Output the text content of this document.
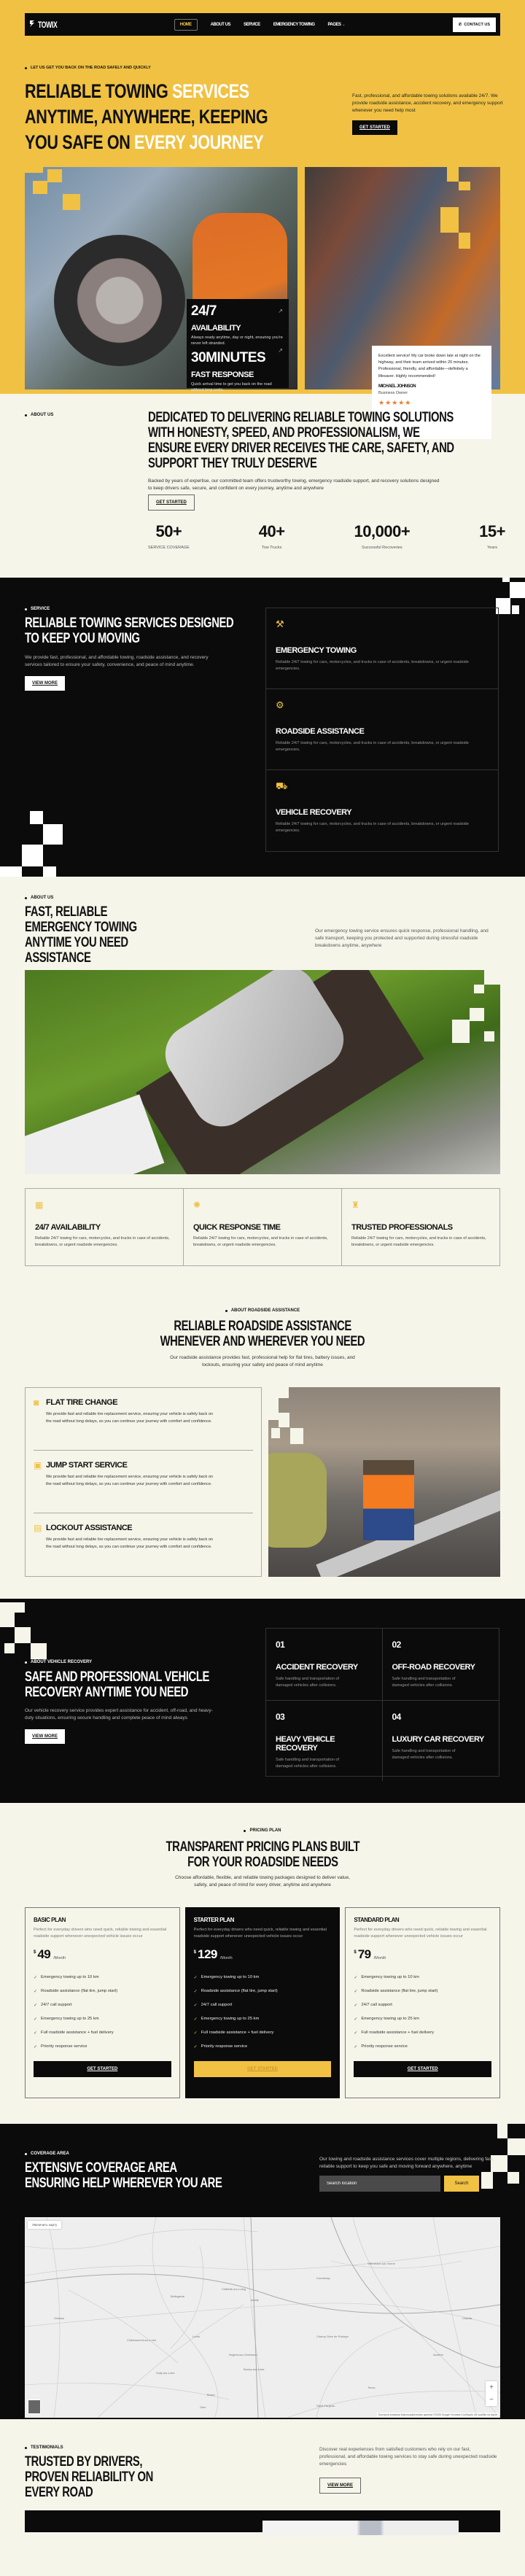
TOWIX	HOME	ABOUT US	SERVICE	EMERGENCY TOWING	PAGES ⌄	✆ CONTACT US
LET US GET YOU BACK ON THE ROAD SAFELY AND QUICKLY
RELIABLE TOWING SERVICES
ANYTIME, ANYWHERE, KEEPING
YOU SAFE ON EVERY JOURNEY

Fast, professional, and affordable towing solutions available 24/7. We provide roadside assistance, accident recovery, and emergency support whenever you need help most

GET STARTED
↗
24/7
AVAILABILITY
Always ready anytime, day or night, ensuring you're never left stranded.
↗
30MINUTES
FAST RESPONSE
Quick arrival time to get you back on the road without long waits.

Excellent service! My car broke down late at night on the highway, and their team arrived within 20 minutes. Professional, friendly, and affordable—definitely a lifesaver. Highly recommended!

MICHAEL JOHNSON
Business Owner
★★★★★
ABOUT US	DEDICATED TO DELIVERING RELIABLE TOWING SOLUTIONS WITH HONESTY, SPEED, AND PROFESSIONALISM, WE ENSURE EVERY DRIVER RECEIVES THE CARE, SAFETY, AND SUPPORT THEY TRULY DESERVE

Backed by years of expertise, our committed team offers trustworthy towing, emergency roadside support, and recovery solutions designed to keep drivers safe, secure, and confident on every journey, anytime and anywhere

GET STARTED
50+
SERVICE COVERAGE
40+
Tow Trucks
10,000+
Successful Recoveries
15+
Years
SERVICE
RELIABLE TOWING SERVICES DESIGNED TO KEEP YOU MOVING

We provide fast, professional, and affordable towing, roadside assistance, and recovery services tailored to ensure your safety, convenience, and peace of mind anytime.

VIEW MORE
⚒
EMERGENCY TOWING
Reliable 24/7 towing for cars, motorcycles, and trucks in case of accidents, breakdowns, or urgent roadside emergencies.
⚙
ROADSIDE ASSISTANCE
Reliable 24/7 towing for cars, motorcycles, and trucks in case of accidents, breakdowns, or urgent roadside emergencies.
⛟
VEHICLE RECOVERY
Reliable 24/7 towing for cars, motorcycles, and trucks in case of accidents, breakdowns, or urgent roadside emergencies.
ABOUT US
FAST, RELIABLE EMERGENCY TOWING ANYTIME YOU NEED ASSISTANCE

Our emergency towing service ensures quick response, professional handling, and safe transport, keeping you protected and supported during stressful roadside breakdowns anytime, anywhere

▦
24/7 AVAILABILITY
Reliable 24/7 towing for cars, motorcycles, and trucks in case of accidents, breakdowns, or urgent roadside emergencies.
✺
QUICK RESPONSE TIME
Reliable 24/7 towing for cars, motorcycles, and trucks in case of accidents, breakdowns, or urgent roadside emergencies.
♜
TRUSTED PROFESSIONALS
Reliable 24/7 towing for cars, motorcycles, and trucks in case of accidents, breakdowns, or urgent roadside emergencies.
ABOUT ROADSIDE ASSISTANCE
RELIABLE ROADSIDE ASSISTANCE
WHENEVER AND WHEREVER YOU NEED

Our roadside assistance provides fast, professional help for flat tires, battery issues, and lockouts, ensuring your safety and peace of mind anytime

◙ FLAT TIRE CHANGE
We provide fast and reliable tire replacement service, ensuring your vehicle is safely back on the road without long delays, so you can continue your journey with comfort and confidence.
▣ JUMP START SERVICE
We provide fast and reliable tire replacement service, ensuring your vehicle is safely back on the road without long delays, so you can continue your journey with comfort and confidence.
▤ LOCKOUT ASSISTANCE
We provide fast and reliable tire replacement service, ensuring your vehicle is safely back on the road without long delays, so you can continue your journey with comfort and confidence.
ABOUT VEHICLE RECOVERY
SAFE AND PROFESSIONAL VEHICLE RECOVERY ANYTIME YOU NEED

Our vehicle recovery service provides expert assistance for accident, off-road, and heavy-duty situations, ensuring secure handling and complete peace of mind always

VIEW MORE
01
ACCIDENT RECOVERY
Safe handling and transportation of damaged vehicles after collisions.
02
OFF-ROAD RECOVERY
Safe handling and transportation of damaged vehicles after collisions.
03
HEAVY VEHICLE RECOVERY
Safe handling and transportation of damaged vehicles after collisions.
04
LUXURY CAR RECOVERY
Safe handling and transportation of damaged vehicles after collisions.
PRICING PLAN
TRANSPARENT PRICING PLANS BUILT
FOR YOUR ROADSIDE NEEDS

Choose affordable, flexible, and reliable towing packages designed to deliver value, safety, and peace of mind for every driver, anytime and anywhere

BASIC PLAN
Perfect for everyday drivers who need quick, reliable towing and essential roadside support whenever unexpected vehicle issues occur
$ 49 /Month
✓ Emergency towing up to 10 km
✓ Roadside assistance (flat tire, jump start)
✓ 24/7 call support
✓ Emergency towing up to 25 km
✓ Full roadside assistance + fuel delivery
✓ Priority response service
GET STARTED
STARTER PLAN
Perfect for everyday drivers who need quick, reliable towing and essential roadside support whenever unexpected vehicle issues occur
$ 129 /Month
✓ Emergency towing up to 10 km
✓ Roadside assistance (flat tire, jump start)
✓ 24/7 call support
✓ Emergency towing up to 25 km
✓ Full roadside assistance + fuel delivery
✓ Priority response service
GET STARTED
STANDARD PLAN
Perfect for everyday drivers who need quick, reliable towing and essential roadside support whenever unexpected vehicle issues occur
$ 79 /Month
✓ Emergency towing up to 10 km
✓ Roadside assistance (flat tire, jump start)
✓ 24/7 call support
✓ Emergency towing up to 25 km
✓ Full roadside assistance + fuel delivery
✓ Priority response service
GET STARTED
COVERAGE AREA
EXTENSIVE COVERAGE AREA
ENSURING HELP WHEREVER YOU ARE

Our towing and roadside assistance services cover multiple regions, delivering fast, reliable support to keep you safe and moving forward anywhere, anytime

Search location
Search
Orléans
Châlette-sur-Loing
Amilly
Châteauneuf-sur-Loire
Sully-sur-Loire
Courtenay
Nogent-sur-Vernisson
Briare
Gien
Auxerre
Chablis
Villeneuve-sur-Yonne
Bellegarde
Lorris
Toucy
Saint-Fargeau
Charny Orée de Puisaye
Bonny-sur-Loire
Увеличить карту
+
−
Быстрые клавиши Картографические данные ©2025 Google Условия Сообщить об ошибке на карте
TESTIMONIALS
TRUSTED BY DRIVERS, PROVEN RELIABILITY ON EVERY ROAD

Discover real experiences from satisfied customers who rely on our fast, professional, and affordable towing services to stay safe during unexpected roadside emergencies

VIEW MORE
